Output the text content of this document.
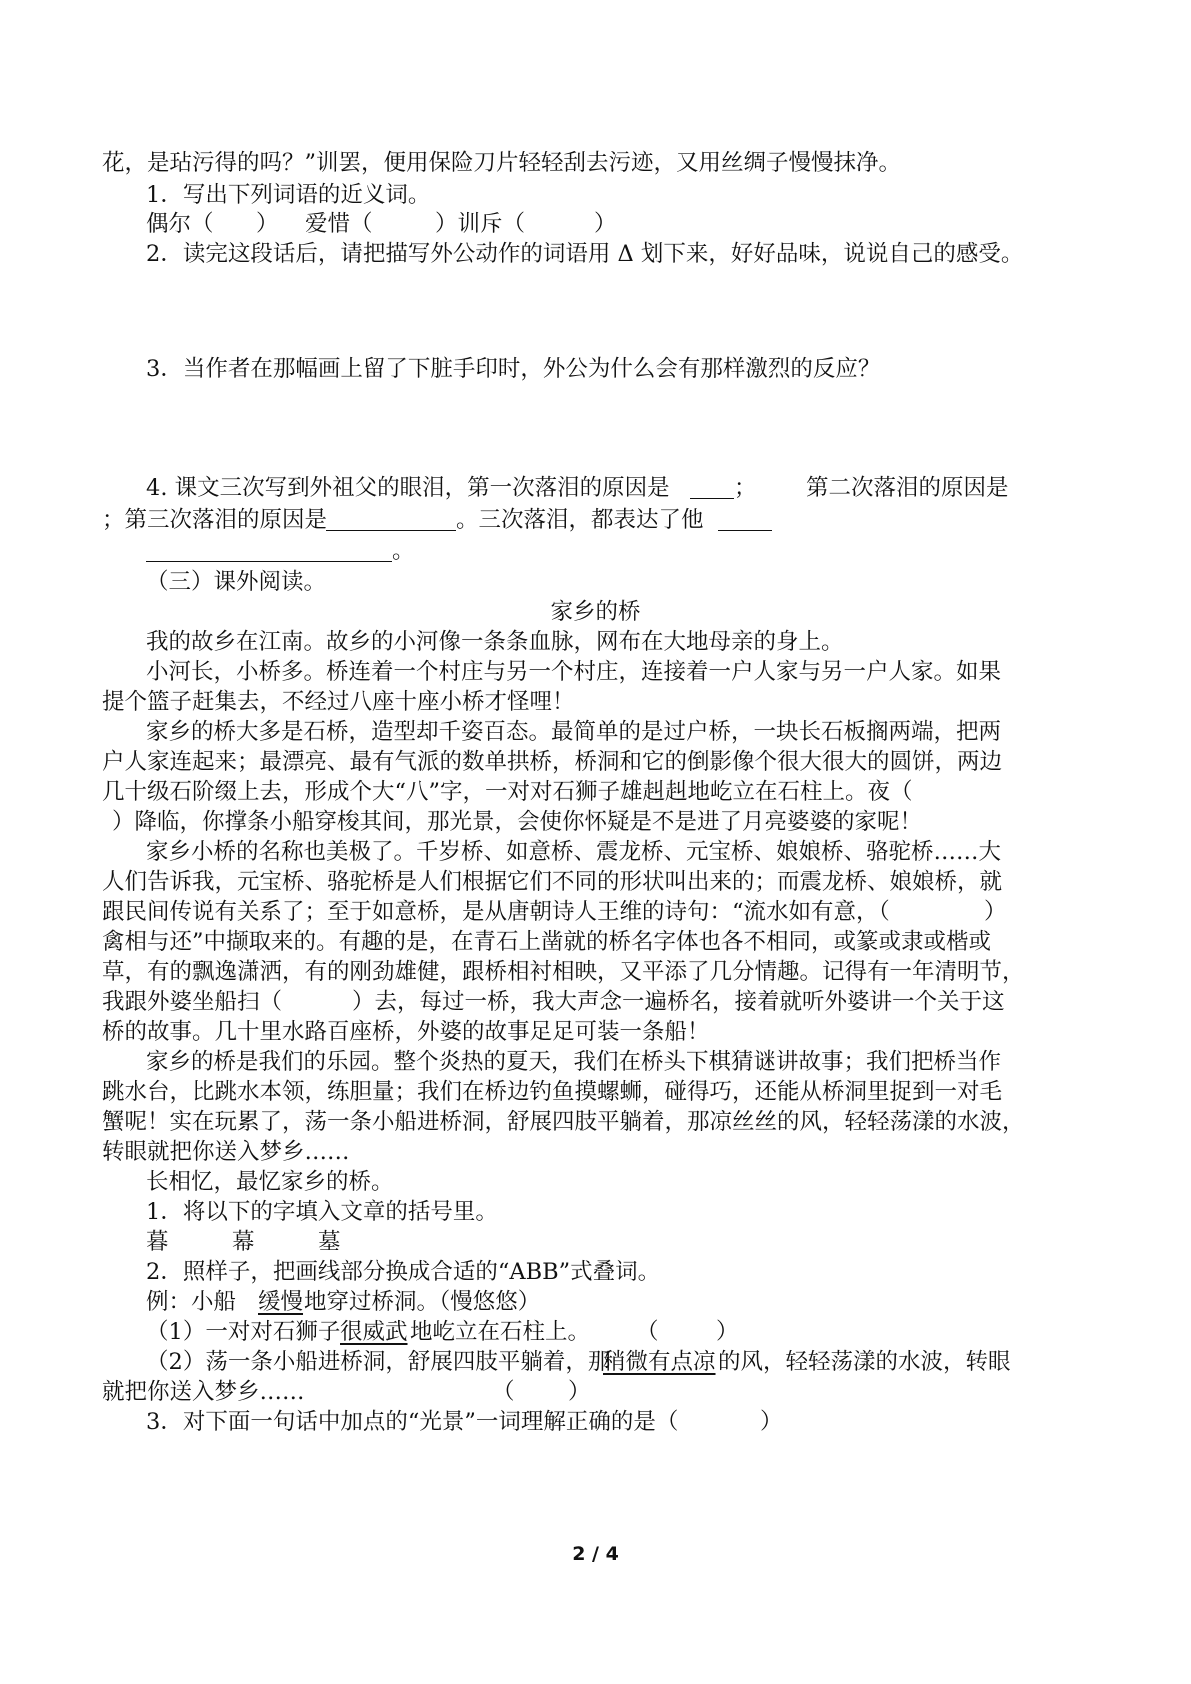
花，是玷污得的吗？”训罢，便用保险刀片轻轻刮去污迹，又用丝绸子慢慢抹净。
1．写出下列词语的近义词。
偶尔（ ） 爱惜（	）训斥（	）
2．读完这段话后，请把描写外公动作的词语用 Δ 划下来，好好品味，说说自己的感受。
3．当作者在那幅画上留了下脏手印时，外公为什么会有那样激烈的反应？
4. 课文三次写到外祖父的眼泪，第一次落泪的原因是	； 第二次落泪的原因是
；第三次落泪的原因是	。三次落泪，都表达了他
。
（三）课外阅读。
家乡的桥
我的故乡在江南。故乡的小河像一条条血脉，网布在大地母亲的身上。
小河长，小桥多。桥连着一个村庄与另一个村庄，连接着一户人家与另一户人家。如果
提个篮子赶集去，不经过八座十座小桥才怪哩！
家乡的桥大多是石桥，造型却千姿百态。最简单的是过户桥，一块长石板搁两端，把两
户人家连起来；最漂亮、最有气派的数单拱桥，桥洞和它的倒影像个很大很大的圆饼，两边
几十级石阶缀上去，形成个大“八”字，一对对石狮子雄赳赳地屹立在石柱上。夜（
）降临，你撑条小船穿梭其间，那光景，会使你怀疑是不是进了月亮婆婆的家呢！
家乡小桥的名称也美极了。千岁桥、如意桥、震龙桥、元宝桥、娘娘桥、骆驼桥……大
人们告诉我，元宝桥、骆驼桥是人们根据它们不同的形状叫出来的；而震龙桥、娘娘桥，就
跟民间传说有关系了；至于如意桥，是从唐朝诗人王维的诗句：“流水如有意，（	）
禽相与还”中撷取来的。有趣的是，在青石上凿就的桥名字体也各不相同，或篆或隶或楷或
草，有的飘逸潇洒，有的刚劲雄健，跟桥相衬相映，又平添了几分情趣。记得有一年清明节，
我跟外婆坐船扫（	）去，每过一桥，我大声念一遍桥名，接着就听外婆讲一个关于这
桥的故事。几十里水路百座桥，外婆的故事足足可装一条船！
家乡的桥是我们的乐园。整个炎热的夏天，我们在桥头下棋猜谜讲故事；我们把桥当作
跳水台，比跳水本领，练胆量；我们在桥边钓鱼摸螺蛳，碰得巧，还能从桥洞里捉到一对毛
蟹呢！实在玩累了，荡一条小船进桥洞，舒展四肢平躺着，那凉丝丝的风，轻轻荡漾的水波，
转眼就把你送入梦乡……
长相忆，最忆家乡的桥。
1．将以下的字填入文章的括号里。
暮	幕	墓
2．照样子，把画线部分换成合适的“ABB”式叠词。
例：小船 缓慢 地穿过桥洞。（慢悠悠）
（1）一对对石狮子 很威武 地屹立在石柱上。 （	）
（2）荡一条小船进桥洞，舒展四肢平躺着，那
稍微有点凉 的风，轻轻荡漾的水波，转眼
就把你送入梦乡……	（ ）
3．对下面一句话中加点的“光景”一词理解正确的是（	）
2 / 4
